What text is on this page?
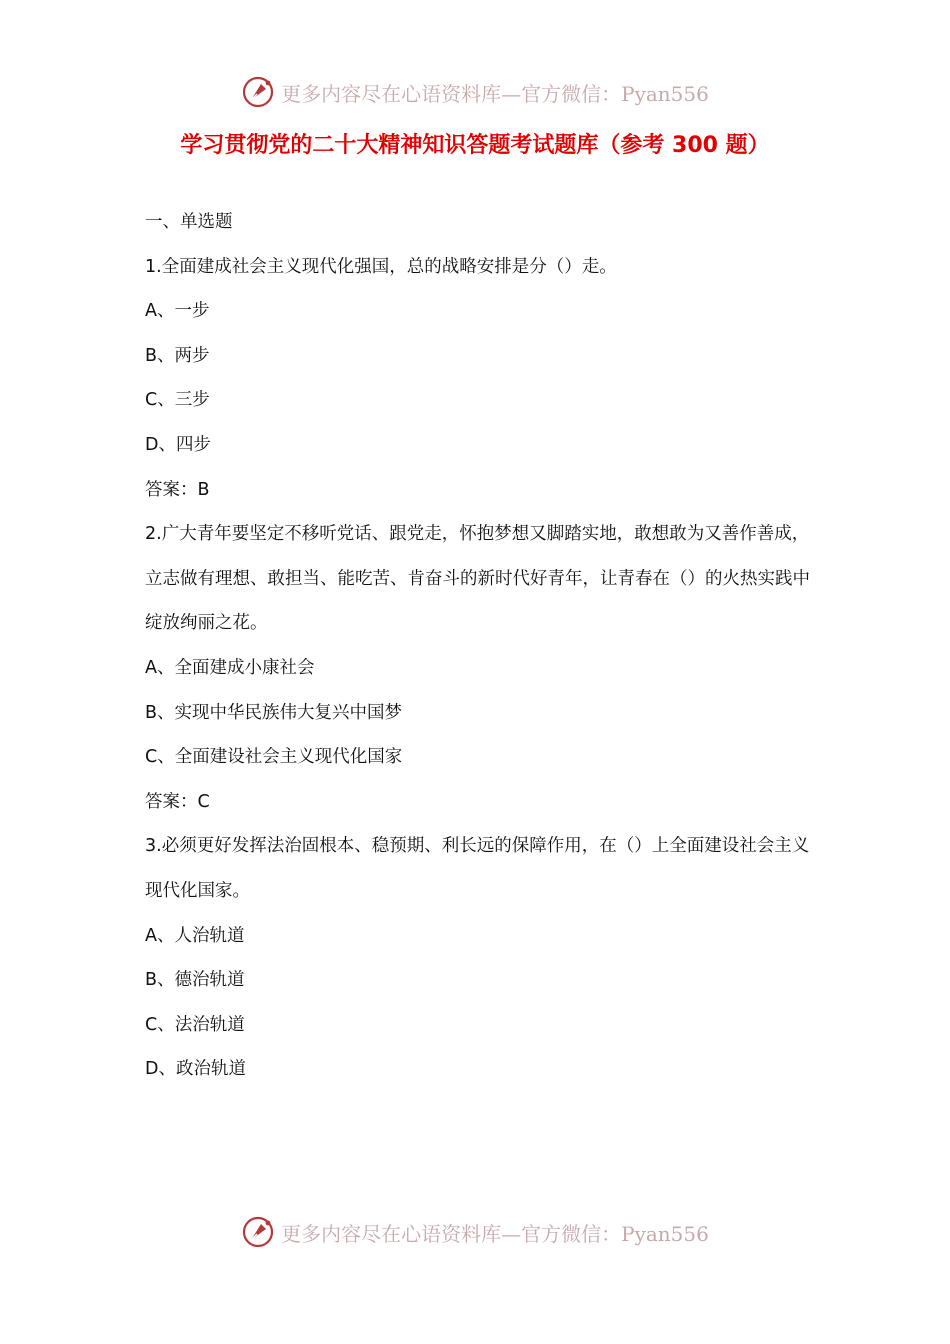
更多内容尽在心语资料库—官方微信：Pyan556
学习贯彻党的二十大精神知识答题考试题库（参考 300 题）
一、单选题
1.全面建成社会主义现代化强国，总的战略安排是分（）走。
A、一步
B、两步
C、三步
D、四步
答案：B
2.广大青年要坚定不移听党话、跟党走，怀抱梦想又脚踏实地，敢想敢为又善作善成，立志做有理想、敢担当、能吃苦、肯奋斗的新时代好青年，让青春在（）的火热实践中绽放绚丽之花。
A、全面建成小康社会
B、实现中华民族伟大复兴中国梦
C、全面建设社会主义现代化国家
答案：C
3.必须更好发挥法治固根本、稳预期、利长远的保障作用，在（）上全面建设社会主义现代化国家。
A、人治轨道
B、德治轨道
C、法治轨道
D、政治轨道
更多内容尽在心语资料库—官方微信：Pyan556
